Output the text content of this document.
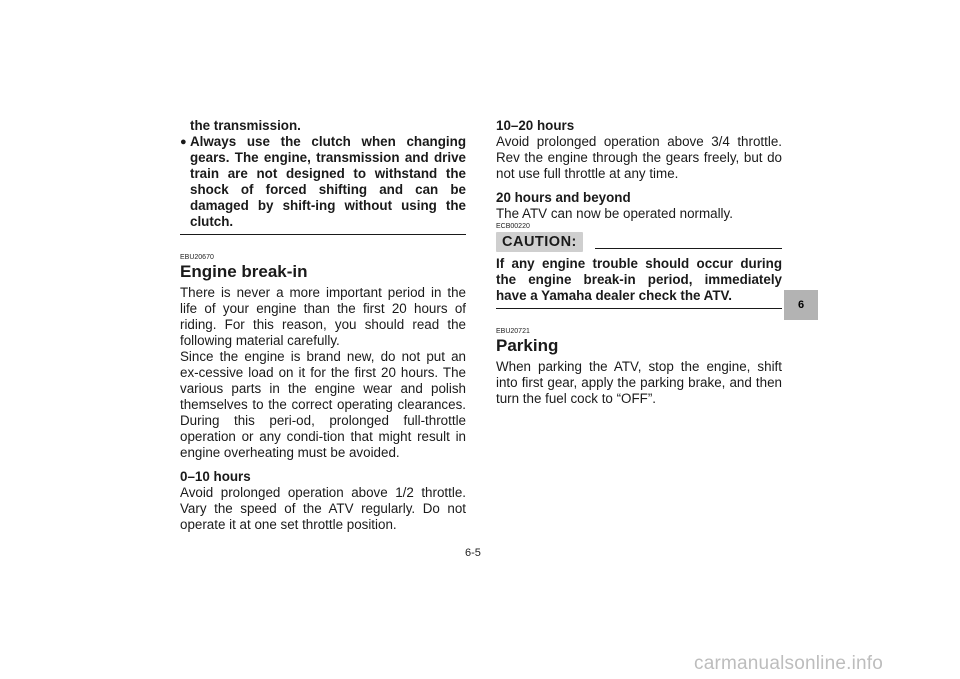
the transmission.
● Always use the clutch when changing gears. The engine, transmission and drive train are not designed to withstand the shock of forced shifting and can be damaged by shift-ing without using the clutch.
EBU20670
Engine break-in

There is never a more important period in the life of your engine than the first 20 hours of riding. For this reason, you should read the following material carefully.

Since the engine is brand new, do not put an ex-cessive load on it for the first 20 hours. The various parts in the engine wear and polish themselves to the correct operating clearances. During this peri-od, prolonged full-throttle operation or any condi-tion that might result in engine overheating must be avoided.

0–10 hours

Avoid prolonged operation above 1/2 throttle. Vary the speed of the ATV regularly. Do not operate it at one set throttle position.

10–20 hours

Avoid prolonged operation above 3/4 throttle. Rev the engine through the gears freely, but do not use full throttle at any time.

20 hours and beyond

The ATV can now be operated normally.

ECB00220
CAUTION:

If any engine trouble should occur during the engine break-in period, immediately have a Yamaha dealer check the ATV.

EBU20721
Parking

When parking the ATV, stop the engine, shift into first gear, apply the parking brake, and then turn the fuel cock to “OFF”.

6
6-5
carmanualsonline.info
